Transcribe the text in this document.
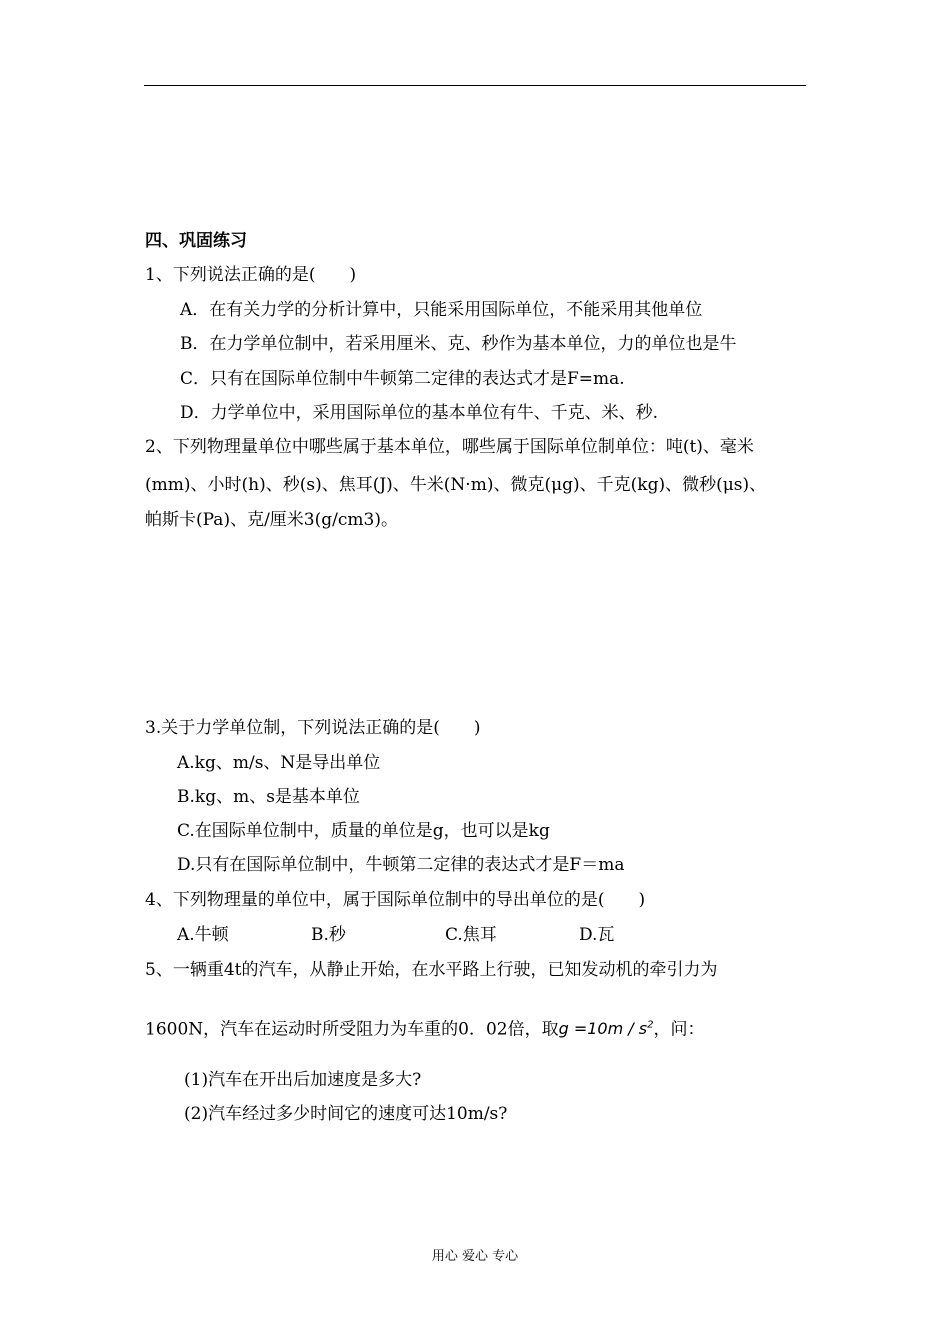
四、巩固练习
1、下列说法正确的是(　　)
A．在有关力学的分析计算中，只能采用国际单位，不能采用其他单位
B．在力学单位制中，若采用厘米、克、秒作为基本单位，力的单位也是牛
C．只有在国际单位制中牛顿第二定律的表达式才是F=ma.
D．力学单位中，采用国际单位的基本单位有牛、千克、米、秒.
2、下列物理量单位中哪些属于基本单位，哪些属于国际单位制单位：吨(t)、毫米
(mm)、小时(h)、秒(s)、焦耳(J)、牛米(N·m)、微克(μg)、千克(kg)、微秒(μs)、
帕斯卡(Pa)、克/厘米3(g/cm3)。
3.关于力学单位制，下列说法正确的是(　　)
A.kg、m/s、N是导出单位
B.kg、m、s是基本单位
C.在国际单位制中，质量的单位是g，也可以是kg
D.只有在国际单位制中，牛顿第二定律的表达式才是F＝ma
4、下列物理量的单位中，属于国际单位制中的导出单位的是(　　)
A.牛顿	B.秒	C.焦耳	D.瓦
5、一辆重4t的汽车，从静止开始，在水平路上行驶，已知发动机的牵引力为
1600N，汽车在运动时所受阻力为车重的0．02倍，取$g =10m / s^2$，问：
(1)汽车在开出后加速度是多大?
(2)汽车经过多少时间它的速度可达10m/s?
用心 爱心 专心
